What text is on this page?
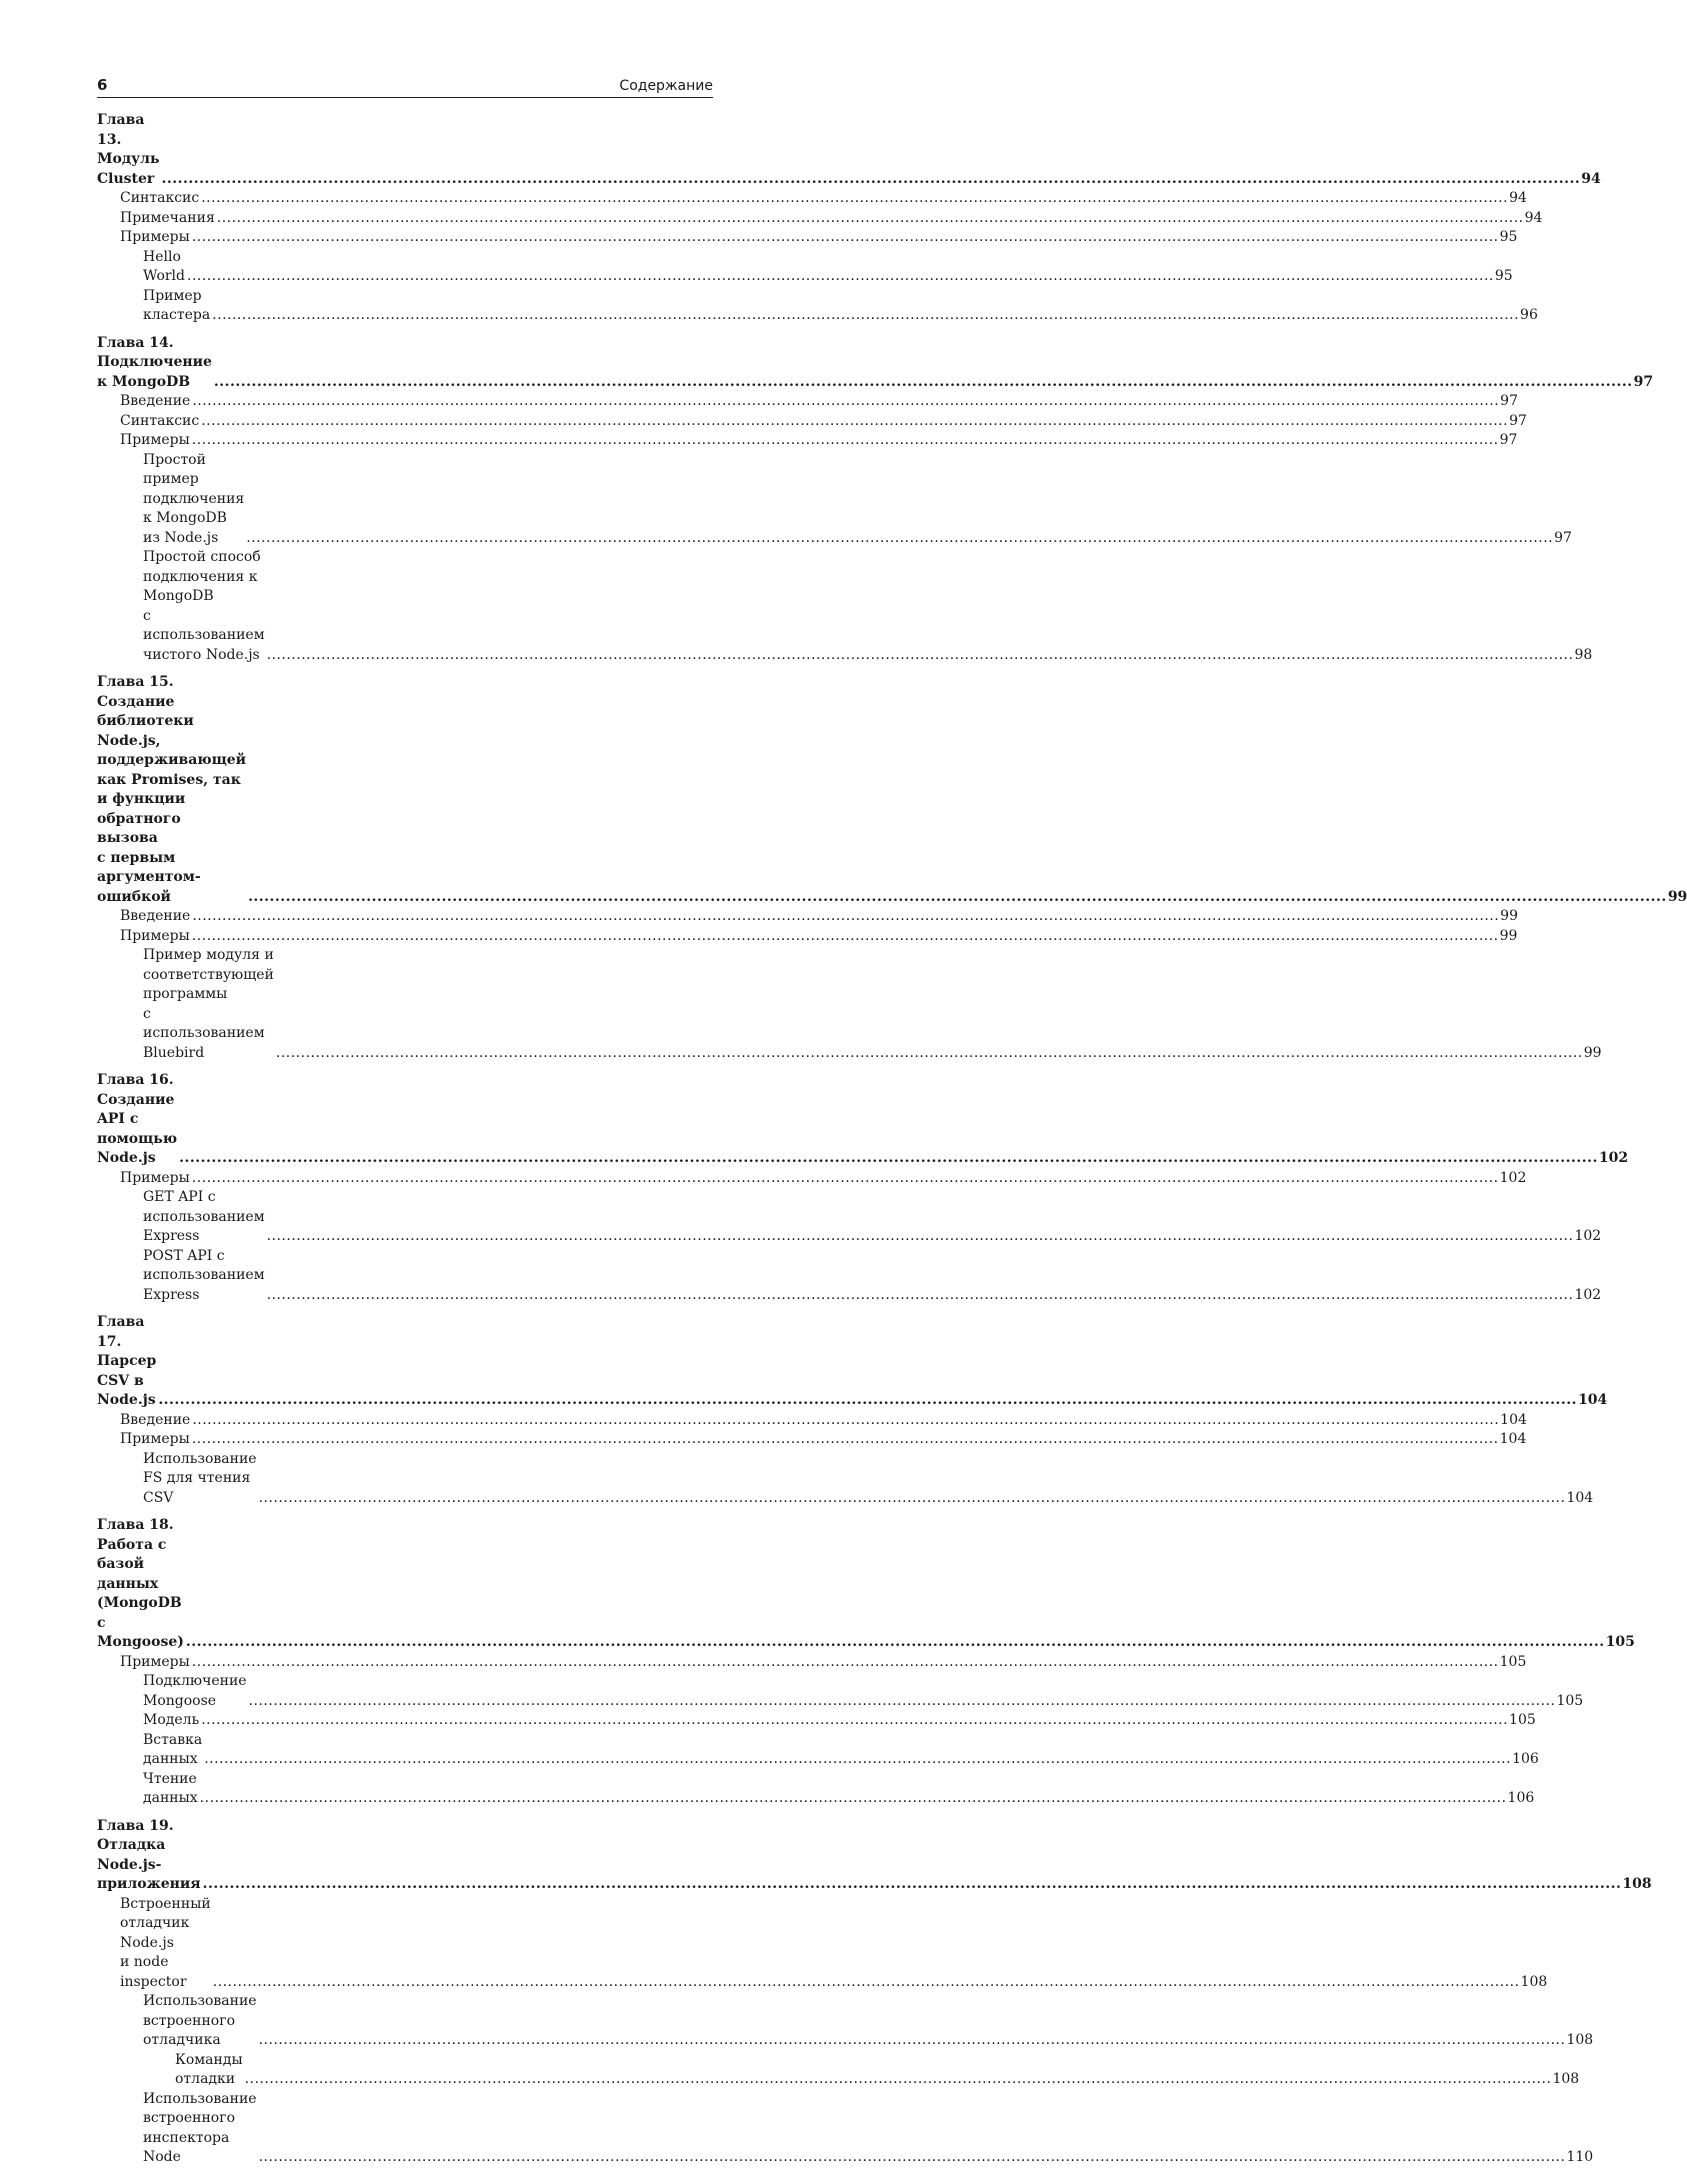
6	Содержание
Глава 13. Модуль Cluster .....	94
Синтаксис .....	94
Примечания .....	94
Примеры .....	95
Hello World .....	95
Пример кластера .....	96
Глава 14. Подключение к MongoDB .....	97
Введение .....	97
Синтаксис .....	97
Примеры .....	97
Простой пример подключения к MongoDB из Node.js .....	97
Простой способ подключения к MongoDB
с использованием чистого Node.js .....	98
Глава 15. Создание библиотеки Node.js, поддерживающей
как Promises, так и функции обратного вызова
с первым аргументом-ошибкой .....	99
Введение .....	99
Примеры .....	99
Пример модуля и соответствующей программы
с использованием Bluebird .....	99
Глава 16. Создание API с помощью Node.js .....	102
Примеры .....	102
GET API с использованием Express .....	102
POST API с использованием Express .....	102
Глава 17. Парсер CSV в Node.js .....	104
Введение .....	104
Примеры .....	104
Использование FS для чтения CSV .....	104
Глава 18. Работа с базой данных (MongoDB с Mongoose) .....	105
Примеры .....	105
Подключение Mongoose .....	105
Модель .....	105
Вставка данных .....	106
Чтение данных .....	106
Глава 19. Отладка Node.js-приложения .....	108
Встроенный отладчик Node.js
и node inspector .....	108
Использование встроенного отладчика .....	108
Команды отладки .....	108
Использование встроенного инспектора Node .....	110
